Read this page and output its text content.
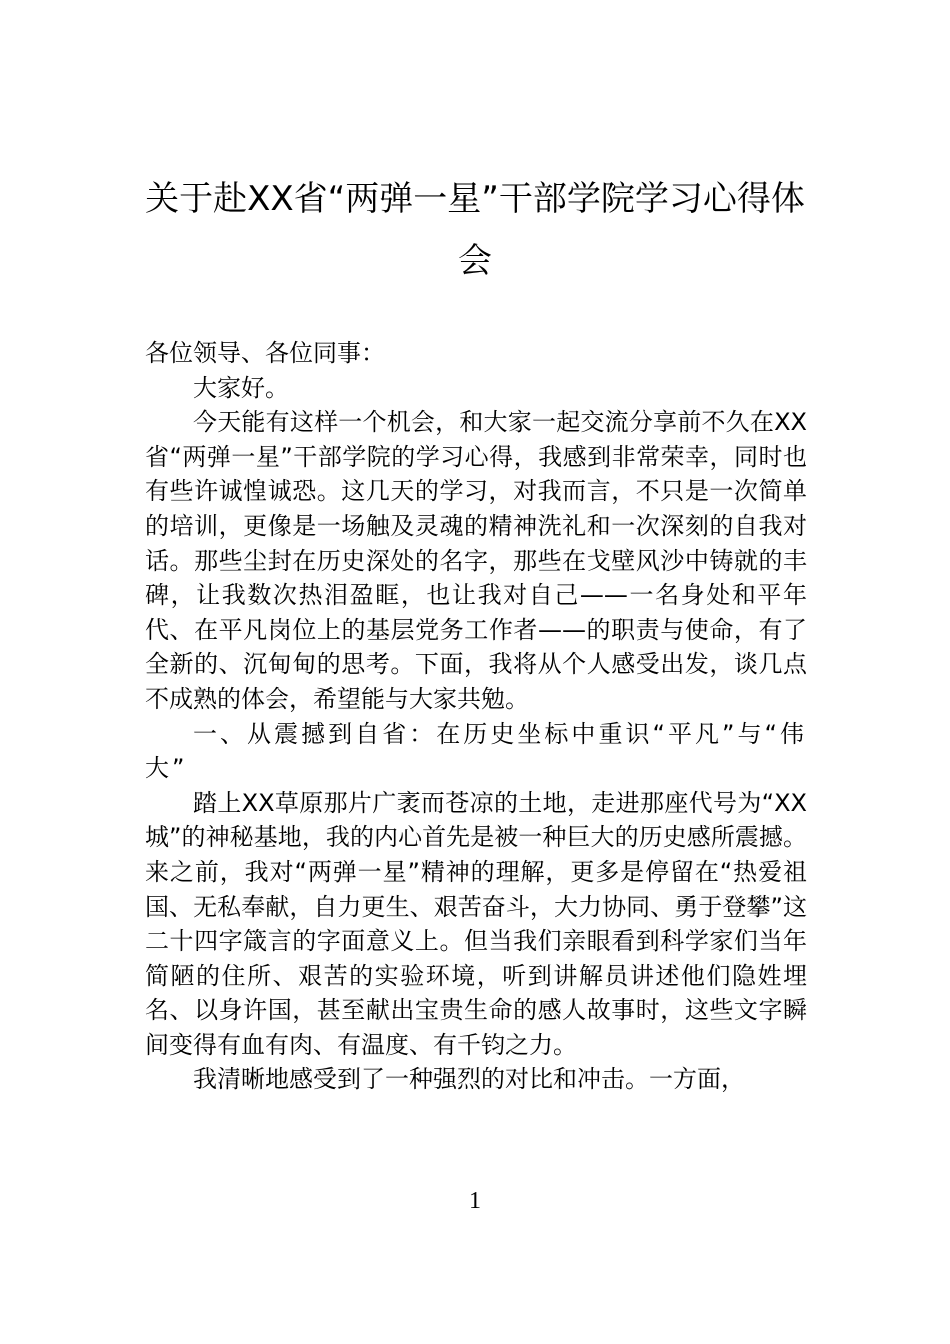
关于赴XX省“两弹一星”干部学院学习心得体会

各位领导、各位同事：

大家好。

今天能有这样一个机会，和大家一起交流分享前不久在XX省“两弹一星”干部学院的学习心得，我感到非常荣幸，同时也有些许诚惶诚恐。这几天的学习，对我而言，不只是一次简单的培训，更像是一场触及灵魂的精神洗礼和一次深刻的自我对话。那些尘封在历史深处的名字，那些在戈壁风沙中铸就的丰碑，让我数次热泪盈眶，也让我对自己——一名身处和平年代、在平凡岗位上的基层党务工作者——的职责与使命，有了全新的、沉甸甸的思考。下面，我将从个人感受出发，谈几点不成熟的体会，希望能与大家共勉。

一、从震撼到自省：在历史坐标中重识“平凡”与“伟大”

踏上XX草原那片广袤而苍凉的土地，走进那座代号为“XX城”的神秘基地，我的内心首先是被一种巨大的历史感所震撼。来之前，我对“两弹一星”精神的理解，更多是停留在“热爱祖国、无私奉献，自力更生、艰苦奋斗，大力协同、勇于登攀”这二十四字箴言的字面意义上。但当我们亲眼看到科学家们当年简陋的住所、艰苦的实验环境，听到讲解员讲述他们隐姓埋名、以身许国，甚至献出宝贵生命的感人故事时，这些文字瞬间变得有血有肉、有温度、有千钧之力。

我清晰地感受到了一种强烈的对比和冲击。一方面，

1
